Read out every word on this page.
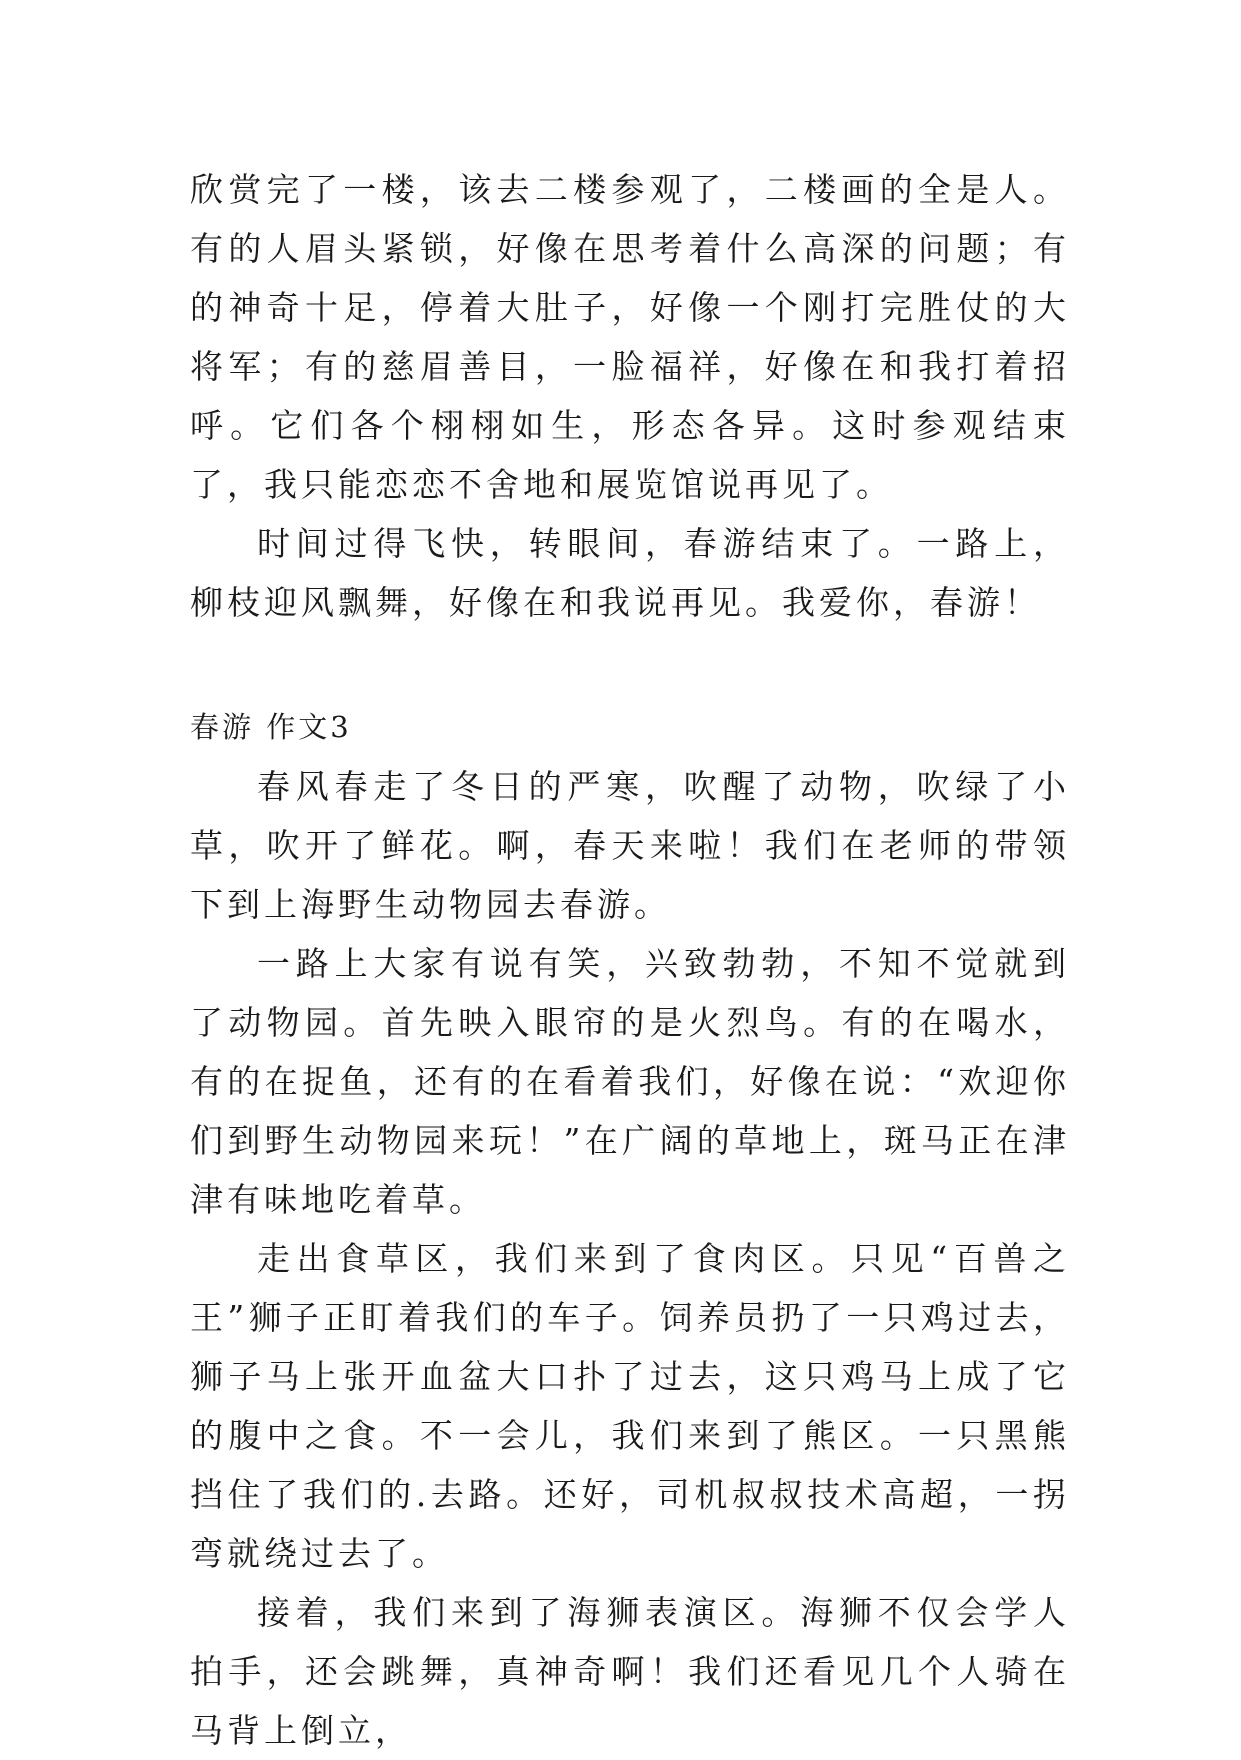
欣赏完了一楼，该去二楼参观了，二楼画的全是人。有的人眉头紧锁，好像在思考着什么高深的问题；有的神奇十足，停着大肚子，好像一个刚打完胜仗的大将军；有的慈眉善目，一脸福祥，好像在和我打着招呼。它们各个栩栩如生，形态各异。这时参观结束了，我只能恋恋不舍地和展览馆说再见了。

时间过得飞快，转眼间，春游结束了。一路上，柳枝迎风飘舞，好像在和我说再见。我爱你，春游！

春游 作文3

春风春走了冬日的严寒，吹醒了动物，吹绿了小草，吹开了鲜花。啊，春天来啦！我们在老师的带领下到上海野生动物园去春游。

一路上大家有说有笑，兴致勃勃，不知不觉就到了动物园。首先映入眼帘的是火烈鸟。有的在喝水，有的在捉鱼，还有的在看着我们，好像在说：“欢迎你们到野生动物园来玩！”在广阔的草地上，斑马正在津津有味地吃着草。

走出食草区，我们来到了食肉区。只见“百兽之王”狮子正盯着我们的车子。饲养员扔了一只鸡过去，狮子马上张开血盆大口扑了过去，这只鸡马上成了它的腹中之食。不一会儿，我们来到了熊区。一只黑熊挡住了我们的.去路。还好，司机叔叔技术高超，一拐弯就绕过去了。

接着，我们来到了海狮表演区。海狮不仅会学人拍手，还会跳舞，真神奇啊！我们还看见几个人骑在马背上倒立，
